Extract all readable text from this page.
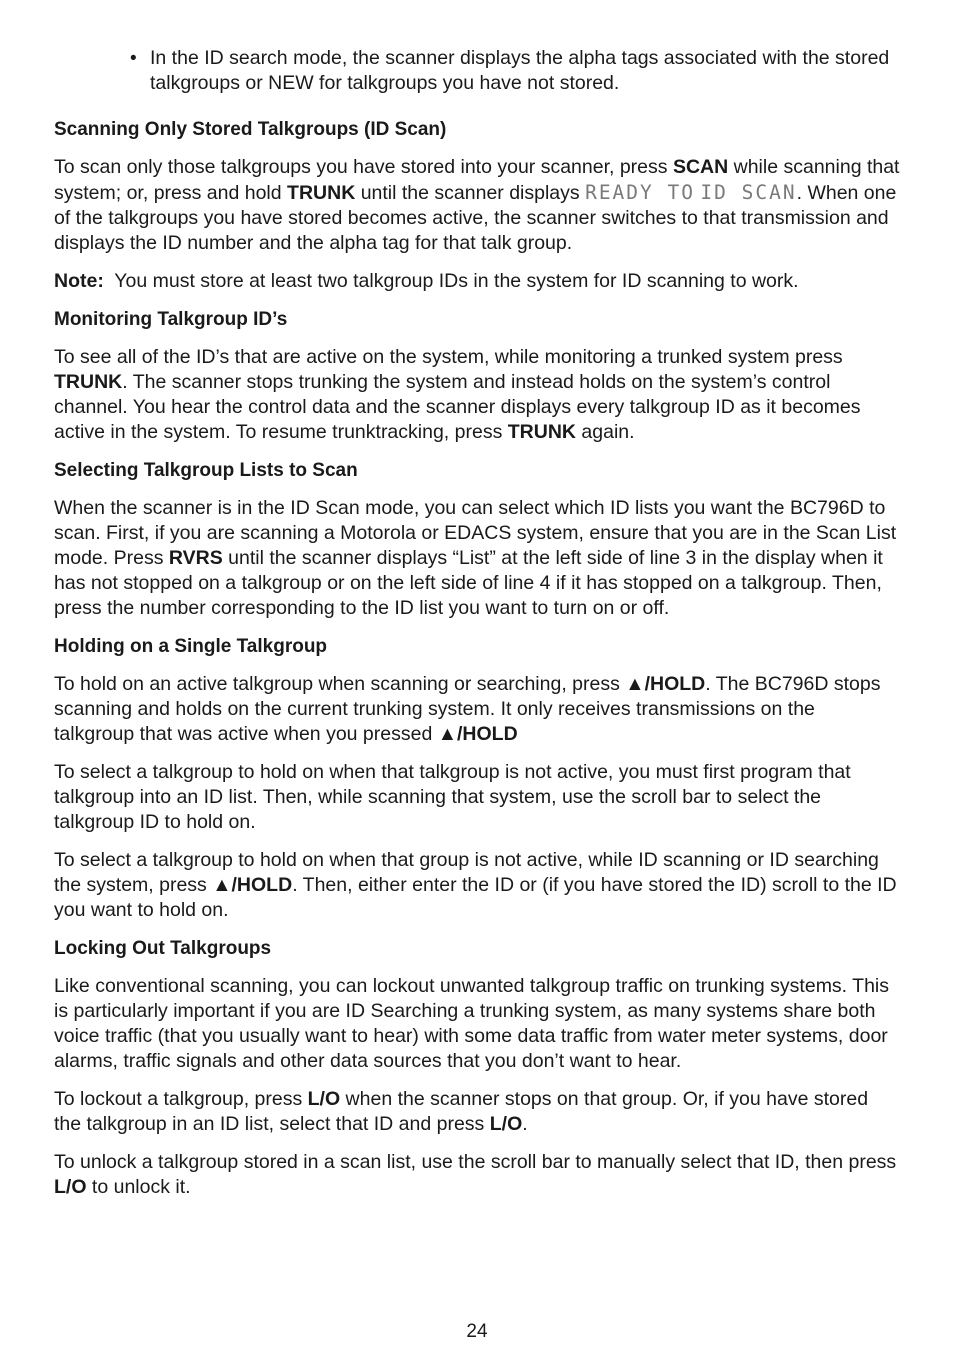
• In the ID search mode, the scanner displays the alpha tags associated with the stored talkgroups or NEW for talkgroups you have not stored.

Scanning Only Stored Talkgroups (ID Scan)

To scan only those talkgroups you have stored into your scanner, press SCAN while scanning that system; or, press and hold TRUNK until the scanner displays READY TO ID SCAN. When one of the talkgroups you have stored becomes active, the scanner switches to that transmission and displays the ID number and the alpha tag for that talk group.

Note:  You must store at least two talkgroup IDs in the system for ID scanning to work.

Monitoring Talkgroup ID’s

To see all of the ID’s that are active on the system, while monitoring a trunked system press TRUNK. The scanner stops trunking the system and instead holds on the system’s control channel. You hear the control data and the scanner displays every talkgroup ID as it becomes active in the system. To resume trunktracking, press TRUNK again.

Selecting Talkgroup Lists to Scan

When the scanner is in the ID Scan mode, you can select which ID lists you want the BC796D to scan. First, if you are scanning a Motorola or EDACS system, ensure that you are in the Scan List mode. Press RVRS until the scanner displays “List” at the left side of line 3 in the display when it has not stopped on a talkgroup or on the left side of line 4 if it has stopped on a talkgroup. Then, press the number corresponding to the ID list you want to turn on or off.

Holding on a Single Talkgroup

To hold on an active talkgroup when scanning or searching, press ▲/HOLD. The BC796D stops scanning and holds on the current trunking system. It only receives transmissions on the talkgroup that was active when you pressed ▲/HOLD

To select a talkgroup to hold on when that talkgroup is not active, you must first program that talkgroup into an ID list. Then, while scanning that system, use the scroll bar to select the talkgroup ID to hold on.

To select a talkgroup to hold on when that group is not active, while ID scanning or ID searching the system, press ▲/HOLD. Then, either enter the ID or (if you have stored the ID) scroll to the ID you want to hold on.

Locking Out Talkgroups

Like conventional scanning, you can lockout unwanted talkgroup traffic on trunking systems. This is particularly important if you are ID Searching a trunking system, as many systems share both voice traffic (that you usually want to hear) with some data traffic from water meter systems, door alarms, traffic signals and other data sources that you don’t want to hear.

To lockout a talkgroup, press L/O when the scanner stops on that group. Or, if you have stored the talkgroup in an ID list, select that ID and press L/O.

To unlock a talkgroup stored in a scan list, use the scroll bar to manually select that ID, then press L/O to unlock it.

24
